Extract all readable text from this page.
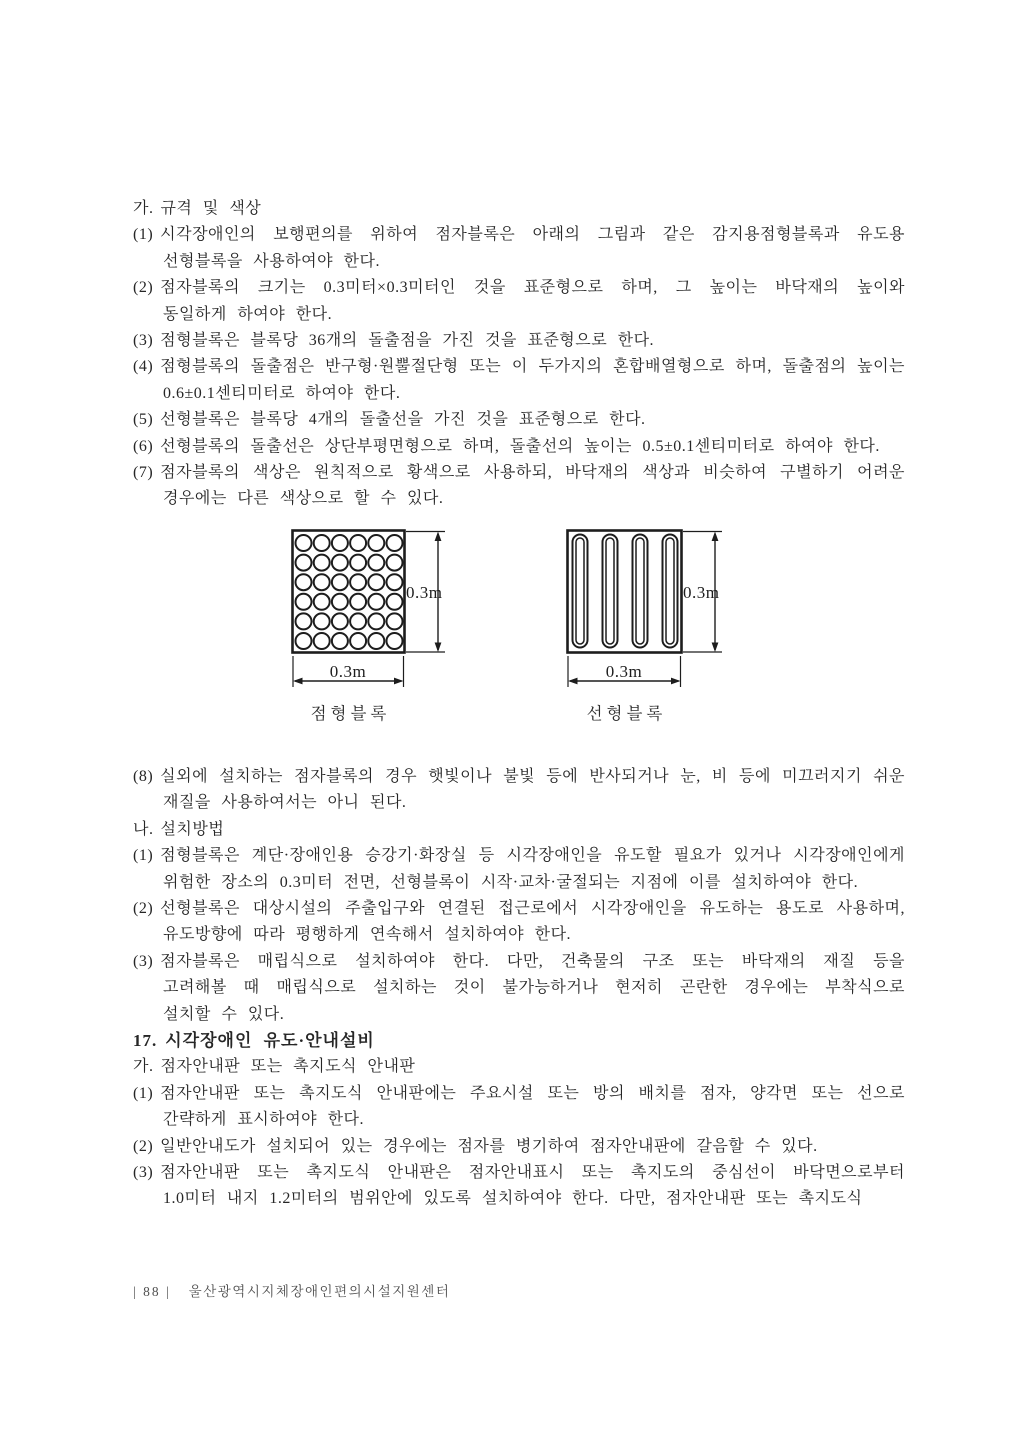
가. 규격 및 색상

(1) 시각장애인의 보행편의를 위하여 점자블록은 아래의 그림과 같은 감지용점형블록과 유도용 선형블록을 사용하여야 한다.

(2) 점자블록의 크기는 0.3미터×0.3미터인 것을 표준형으로 하며, 그 높이는 바닥재의 높이와 동일하게 하여야 한다.

(3) 점형블록은 블록당 36개의 돌출점을 가진 것을 표준형으로 한다.

(4) 점형블록의 돌출점은 반구형·원뿔절단형 또는 이 두가지의 혼합배열형으로 하며, 돌출점의 높이는 0.6±0.1센티미터로 하여야 한다.

(5) 선형블록은 블록당 4개의 돌출선을 가진 것을 표준형으로 한다.

(6) 선형블록의 돌출선은 상단부평면형으로 하며, 돌출선의 높이는 0.5±0.1센티미터로 하여야 한다.

(7) 점자블록의 색상은 원칙적으로 황색으로 사용하되, 바닥재의 색상과 비슷하여 구별하기 어려운 경우에는 다른 색상으로 할 수 있다.

0.3m
0.3m
점형블록
0.3m
0.3m
선형블록

(8) 실외에 설치하는 점자블록의 경우 햇빛이나 불빛 등에 반사되거나 눈, 비 등에 미끄러지기 쉬운 재질을 사용하여서는 아니 된다.

나. 설치방법

(1) 점형블록은 계단·장애인용 승강기·화장실 등 시각장애인을 유도할 필요가 있거나 시각장애인에게 위험한 장소의 0.3미터 전면, 선형블록이 시작·교차·굴절되는 지점에 이를 설치하여야 한다.

(2) 선형블록은 대상시설의 주출입구와 연결된 접근로에서 시각장애인을 유도하는 용도로 사용하며, 유도방향에 따라 평행하게 연속해서 설치하여야 한다.

(3) 점자블록은 매립식으로 설치하여야 한다. 다만, 건축물의 구조 또는 바닥재의 재질 등을 고려해볼 때 매립식으로 설치하는 것이 불가능하거나 현저히 곤란한 경우에는 부착식으로 설치할 수 있다.

17. 시각장애인 유도·안내설비

가. 점자안내판 또는 촉지도식 안내판

(1) 점자안내판 또는 촉지도식 안내판에는 주요시설 또는 방의 배치를 점자, 양각면 또는 선으로 간략하게 표시하여야 한다.

(2) 일반안내도가 설치되어 있는 경우에는 점자를 병기하여 점자안내판에 갈음할 수 있다.

(3) 점자안내판 또는 촉지도식 안내판은 점자안내표시 또는 촉지도의 중심선이 바닥면으로부터 1.0미터 내지 1.2미터의 범위안에 있도록 설치하여야 한다. 다만, 점자안내판 또는 촉지도식

| 88 | 울산광역시지체장애인편의시설지원센터
